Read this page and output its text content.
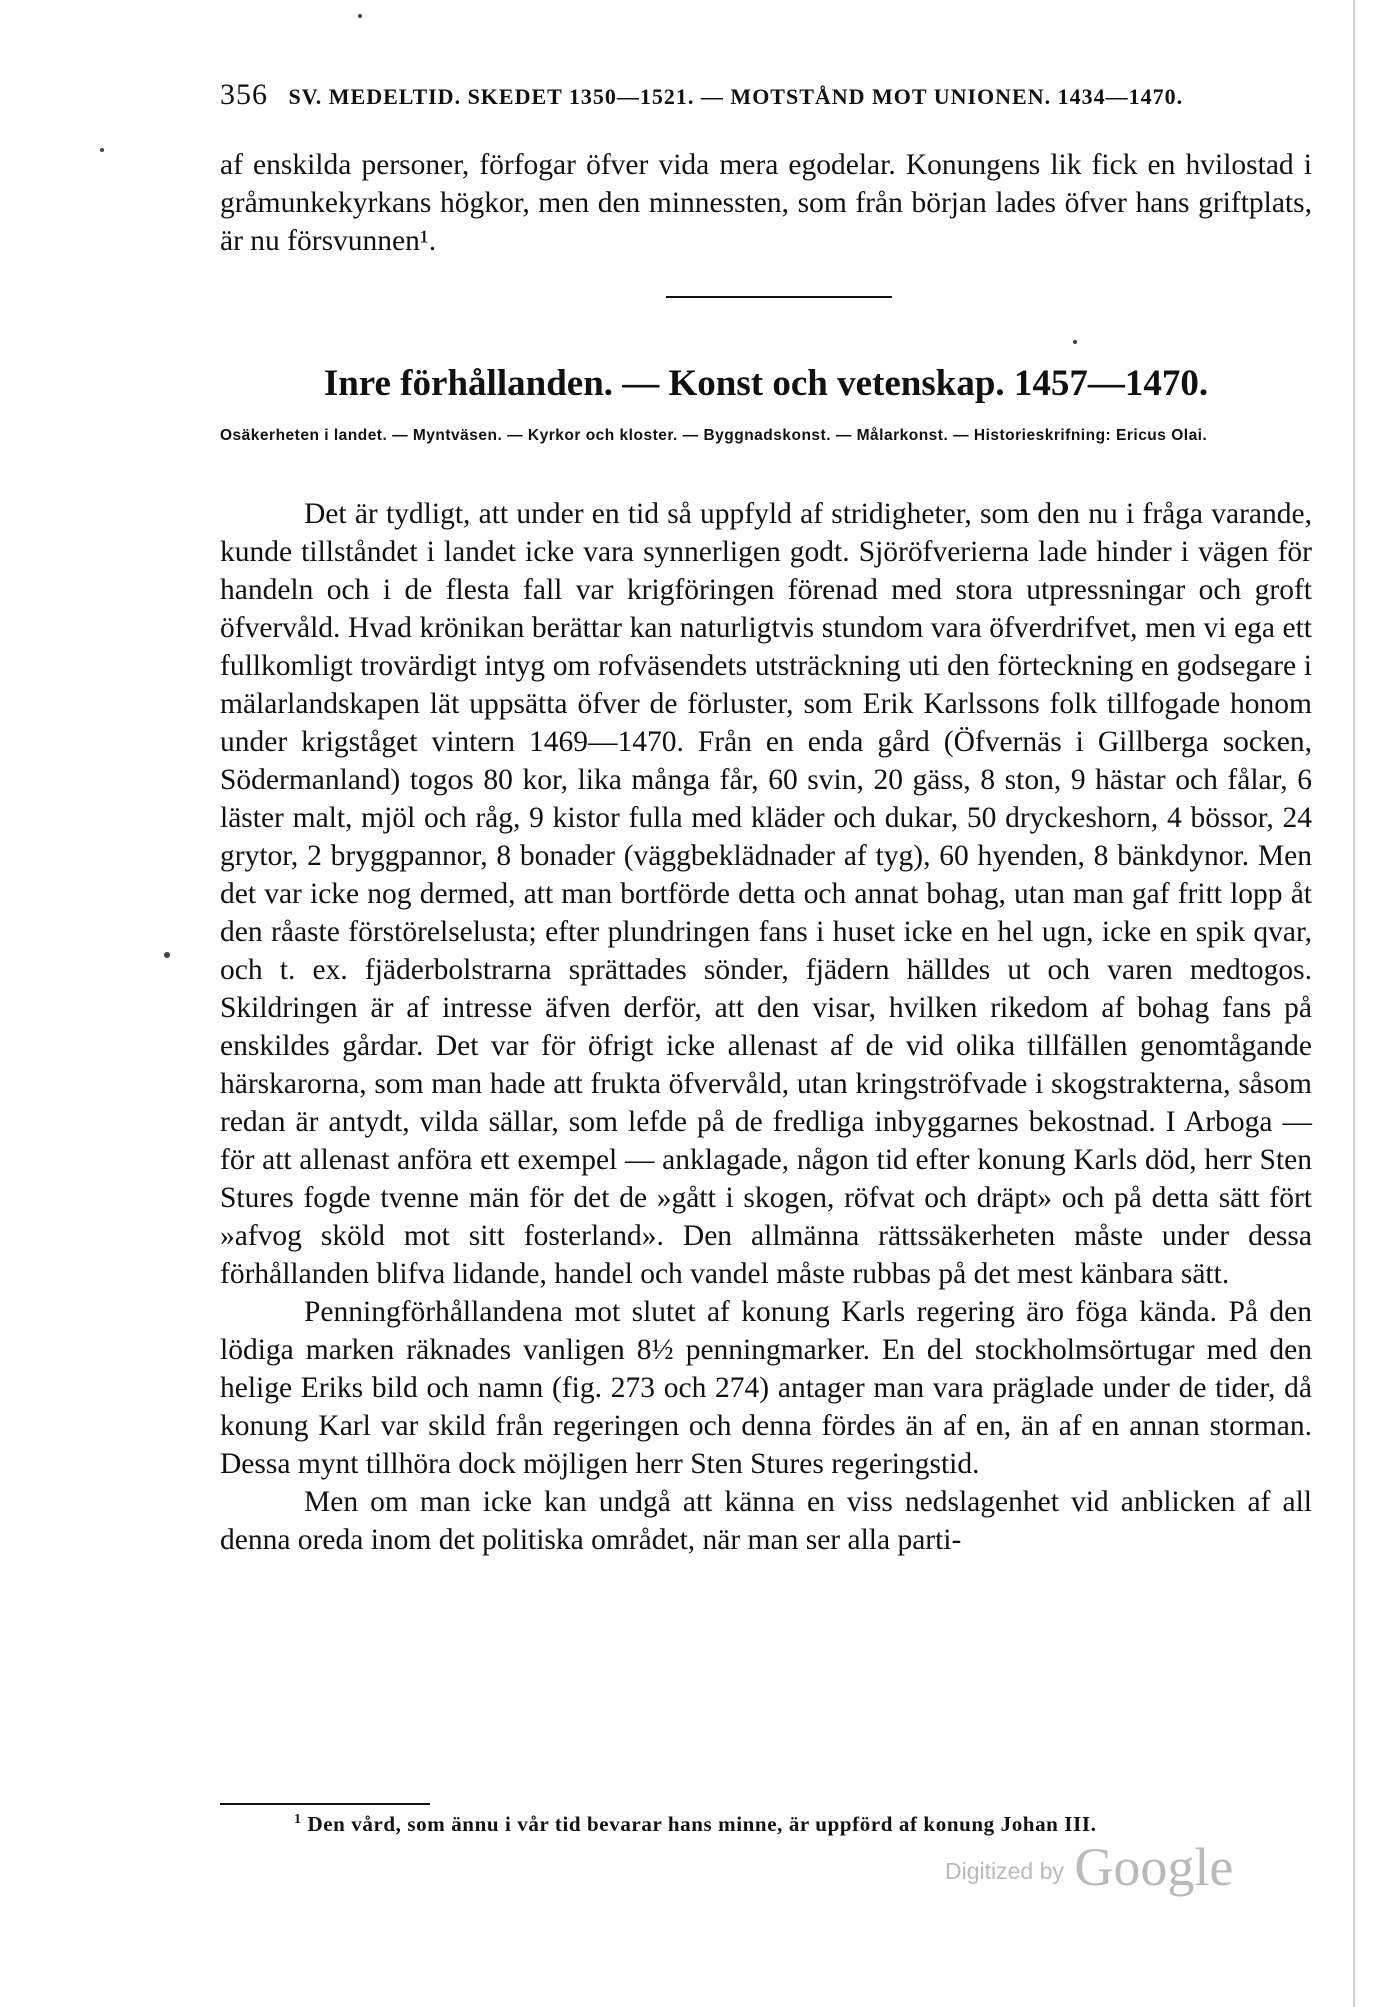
356 SV. MEDELTID. SKEDET 1350—1521. — MOTSTÅND MOT UNIONEN. 1434—1470.

af enskilda personer, förfogar öfver vida mera egodelar. Konungens lik fick en hvilostad i gråmunkekyrkans högkor, men den minnessten, som från början lades öfver hans griftplats, är nu försvunnen¹.

Inre förhållanden. — Konst och vetenskap. 1457—1470.
Osäkerheten i landet. — Myntväsen. — Kyrkor och kloster. — Byggnadskonst. — Målarkonst. — Historieskrifning: Ericus Olai.

Det är tydligt, att under en tid så uppfyld af stridigheter, som den nu i fråga varande, kunde tillståndet i landet icke vara synnerligen godt. Sjöröfverierna lade hinder i vägen för handeln och i de flesta fall var krigföringen förenad med stora utpressningar och groft öfvervåld. Hvad krönikan berättar kan naturligtvis stundom vara öfverdrifvet, men vi ega ett fullkomligt trovärdigt intyg om rofväsendets utsträckning uti den förteckning en godsegare i mälarlandskapen lät uppsätta öfver de förluster, som Erik Karlssons folk tillfogade honom under krigståget vintern 1469—1470. Från en enda gård (Öfvernäs i Gillberga socken, Södermanland) togos 80 kor, lika många får, 60 svin, 20 gäss, 8 ston, 9 hästar och fålar, 6 läster malt, mjöl och råg, 9 kistor fulla med kläder och dukar, 50 dryckeshorn, 4 bössor, 24 grytor, 2 bryggpannor, 8 bonader (väggbeklädnader af tyg), 60 hyenden, 8 bänkdynor. Men det var icke nog dermed, att man bortförde detta och annat bohag, utan man gaf fritt lopp åt den råaste förstörelselusta; efter plundringen fans i huset icke en hel ugn, icke en spik qvar, och t. ex. fjäderbolstrarna sprättades sönder, fjädern hälldes ut och varen medtogos. Skildringen är af intresse äfven derför, att den visar, hvilken rikedom af bohag fans på enskildes gårdar. Det var för öfrigt icke allenast af de vid olika tillfällen genomtågande härskarorna, som man hade att frukta öfvervåld, utan kringströfvade i skogstrakterna, såsom redan är antydt, vilda sällar, som lefde på de fredliga inbyggarnes bekostnad. I Arboga — för att allenast anföra ett exempel — anklagade, någon tid efter konung Karls död, herr Sten Stures fogde tvenne män för det de »gått i skogen, röfvat och dräpt» och på detta sätt fört »afvog sköld mot sitt fosterland». Den allmänna rättssäkerheten måste under dessa förhållanden blifva lidande, handel och vandel måste rubbas på det mest känbara sätt.

Penningförhållandena mot slutet af konung Karls regering äro föga kända. På den lödiga marken räknades vanligen 8½ penningmarker. En del stockholmsörtugar med den helige Eriks bild och namn (fig. 273 och 274) antager man vara präglade under de tider, då konung Karl var skild från regeringen och denna fördes än af en, än af en annan storman. Dessa mynt tillhöra dock möjligen herr Sten Stures regeringstid.

Men om man icke kan undgå att känna en viss nedslagenhet vid anblicken af all denna oreda inom det politiska området, när man ser alla parti-

$^1$ Den vård, som ännu i vår tid bevarar hans minne, är uppförd af konung Johan III.
Digitized by Google
